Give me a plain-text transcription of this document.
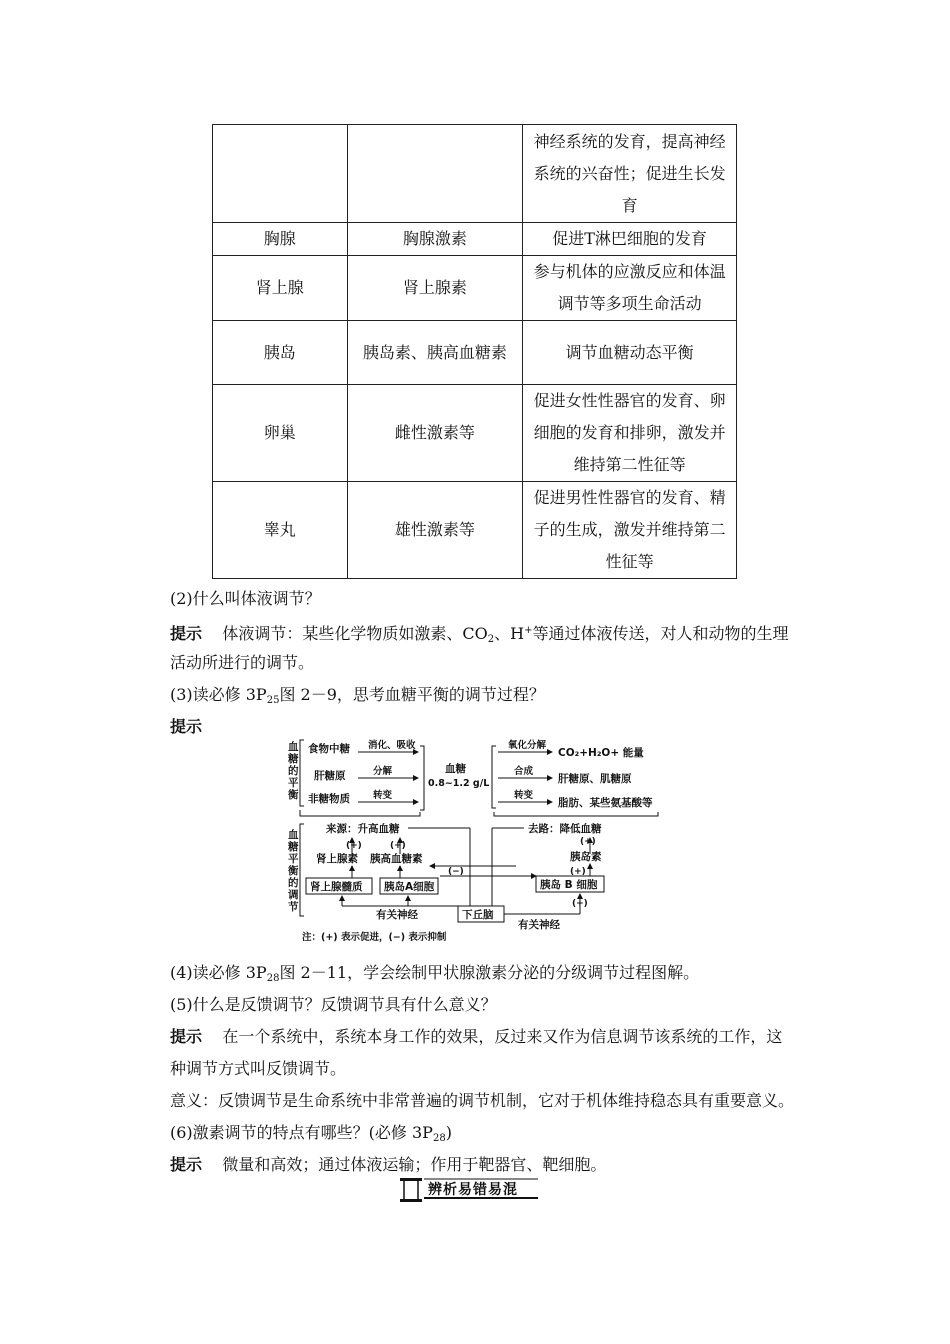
		神经系统的发育，提高神经系统的兴奋性；促进生长发育
胸腺	胸腺激素	促进T淋巴细胞的发育
肾上腺	肾上腺素	参与机体的应激反应和体温调节等多项生命活动
胰岛	胰岛素、胰高血糖素	调节血糖动态平衡
卵巢	雌性激素等	促进女性性器官的发育、卵细胞的发育和排卵，激发并维持第二性征等
睾丸	雄性激素等	促进男性性器官的发育、精子的生成，激发并维持第二性征等
(2)什么叫体液调节？
提示 体液调节：某些化学物质如激素、$CO_2$、H+等通过体液传送，对人和动物的生理
活动所进行的调节。
(3)读必修 $3P_{25}$图 2－9，思考血糖平衡的调节过程？
提示
血糖的平衡
血糖平衡的调节
食物中糖
肝糖原
非糖物质
消化、吸收
分解
转变
血糖
0.8~1.2 g/L
氧化分解
合成
转变
CO₂+H₂O+ 能量
肝糖原、肌糖原
脂肪、某些氨基酸等
来源：升高血糖	去路：降低血糖
(+)	(+)	(+)
肾上腺素 胰高血糖素	胰岛素
(+)
(−)
肾上腺髓质 胰岛A细胞	胰岛 B 细胞
下丘脑
(+)
有关神经
有关神经
注：(+) 表示促进，(−) 表示抑制
(4)读必修 $3P_{28}$图 2－11，学会绘制甲状腺激素分泌的分级调节过程图解。
(5)什么是反馈调节？反馈调节具有什么意义？
提示 在一个系统中，系统本身工作的效果，反过来又作为信息调节该系统的工作，这
种调节方式叫反馈调节。
意义：反馈调节是生命系统中非常普遍的调节机制，它对于机体维持稳态具有重要意义。
(6)激素调节的特点有哪些？(必修 $3P_{28}$)
提示 微量和高效；通过体液运输；作用于靶器官、靶细胞。
辨析易错易混
